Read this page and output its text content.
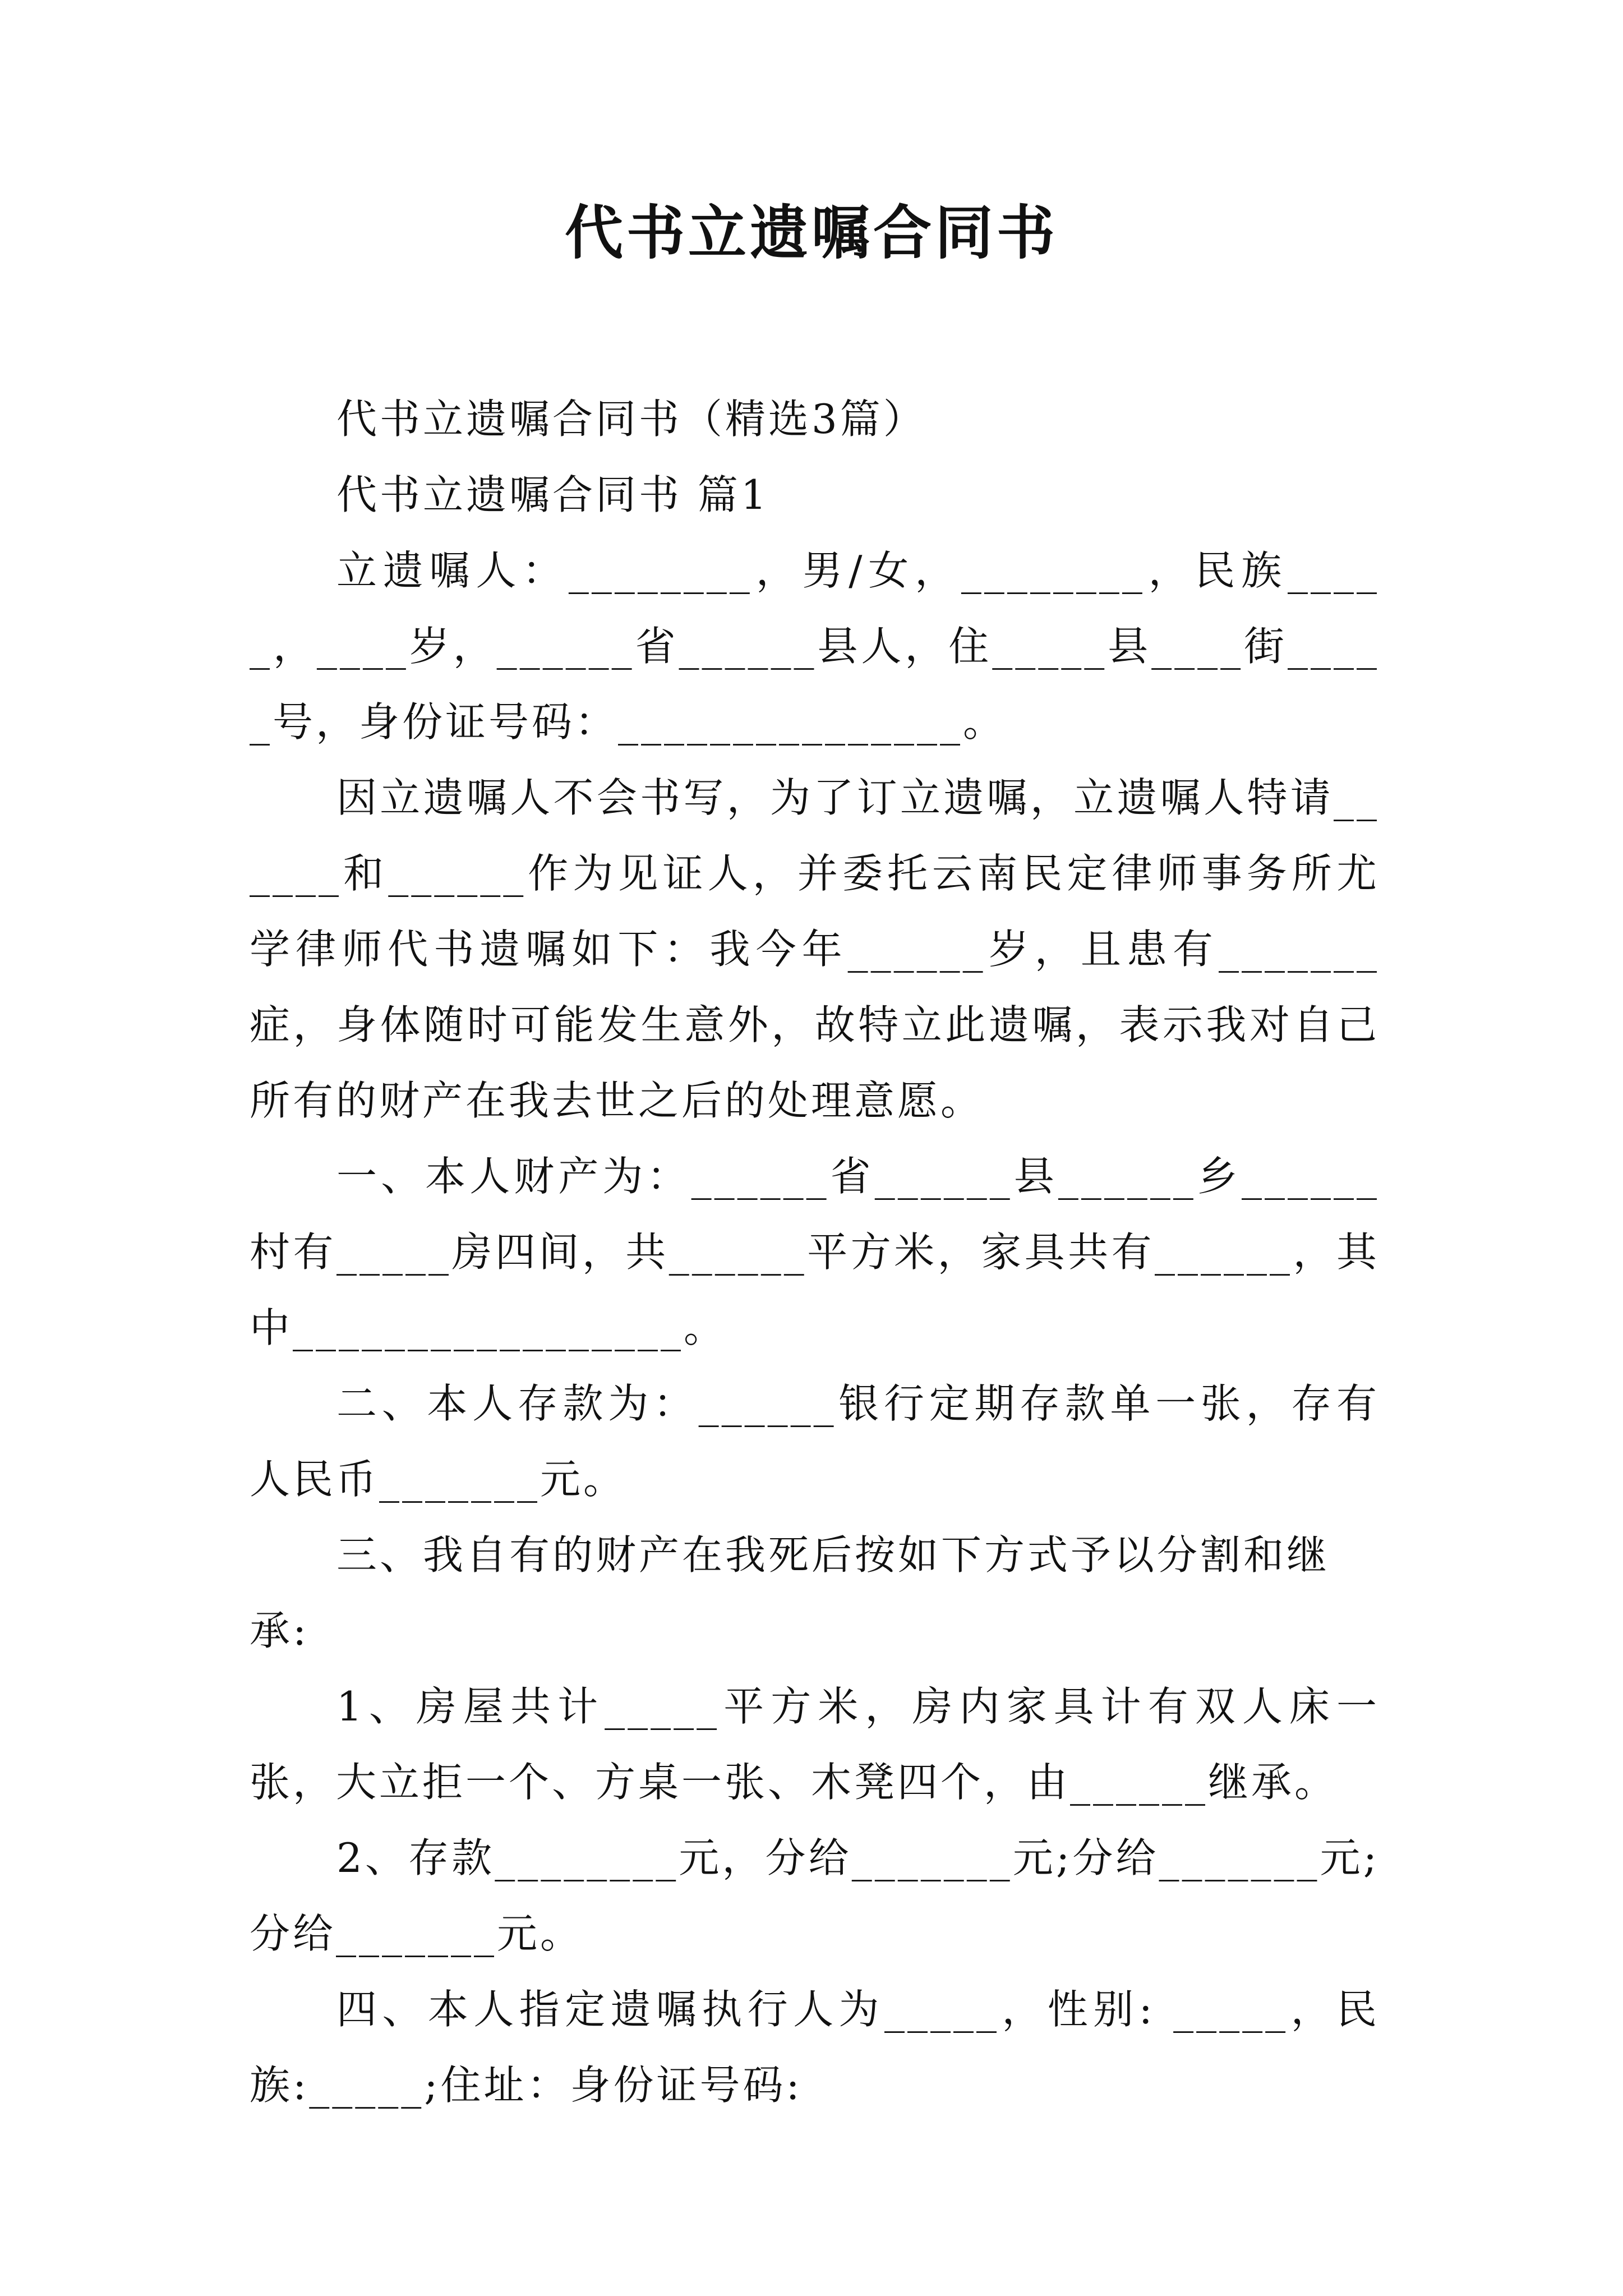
代书立遗嘱合同书

代书立遗嘱合同书（精选3篇）

代书立遗嘱合同书 篇1

立遗嘱人：________，男/女，________，民族_____，____岁，______省______县人，住_____县____街_____号，身份证号码：_______________。

因立遗嘱人不会书写，为了订立遗嘱，立遗嘱人特请______和______作为见证人，并委托云南民定律师事务所尤学律师代书遗嘱如下：我今年______岁，且患有_______症，身体随时可能发生意外，故特立此遗嘱，表示我对自己所有的财产在我去世之后的处理意愿。

一、本人财产为：______省______县______乡______村有_____房四间，共______平方米，家具共有______，其中_________________。

二、本人存款为：______银行定期存款单一张，存有人民币_______元。

三、我自有的财产在我死后按如下方式予以分割和继承:

1、房屋共计_____平方米，房内家具计有双人床一张，大立拒一个、方桌一张、木凳四个，由______继承。

2、存款________元，分给_______元;分给_______元;分给_______元。

四、本人指定遗嘱执行人为_____，性别: _____，民族:_____;住址：身份证号码:
